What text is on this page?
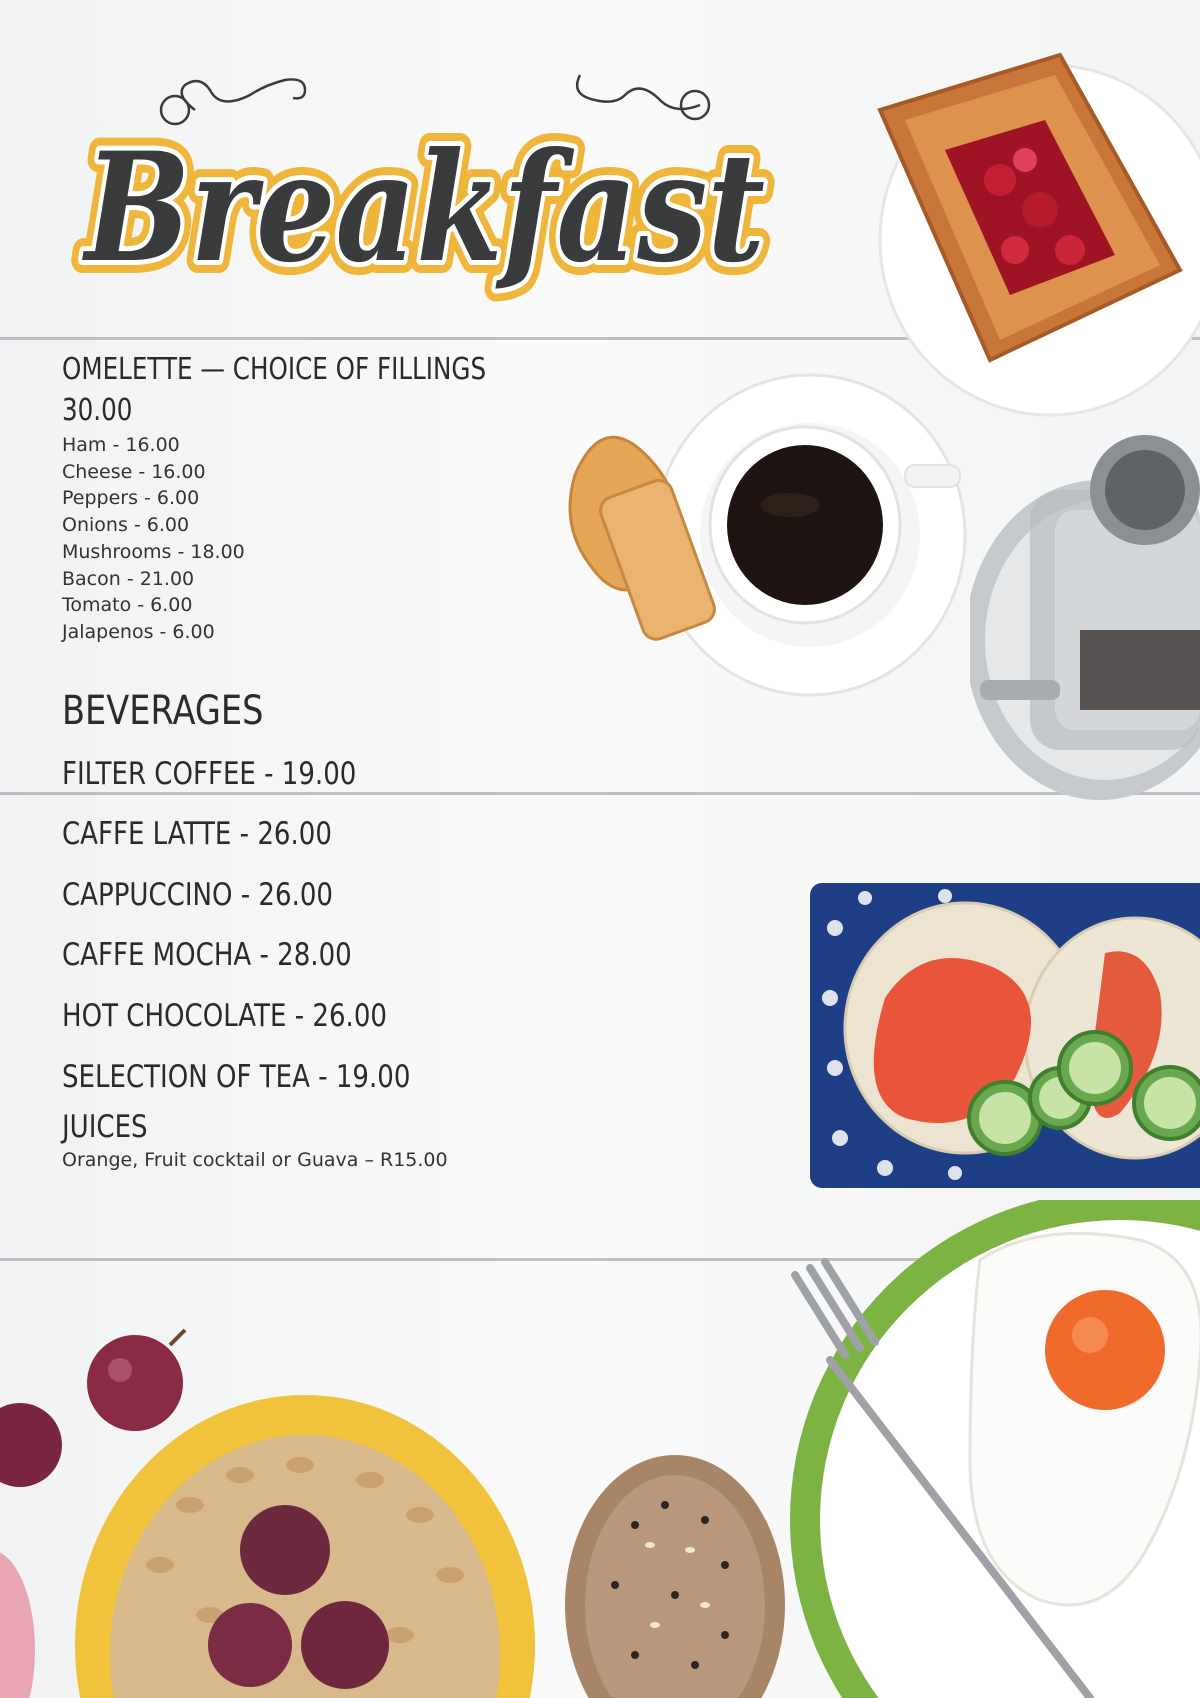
Breakfast
Breakfast
OMELETTE — CHOICE OF FILLINGS
30.00
Ham - 16.00
Cheese - 16.00
Peppers - 6.00
Onions - 6.00
Mushrooms - 18.00
Bacon - 21.00
Tomato - 6.00
Jalapenos - 6.00
BEVERAGES
FILTER COFFEE - 19.00
CAFFE LATTE - 26.00
CAPPUCCINO - 26.00
CAFFE MOCHA - 28.00
HOT CHOCOLATE - 26.00
SELECTION OF TEA - 19.00
JUICES
Orange, Fruit cocktail or Guava – R15.00
